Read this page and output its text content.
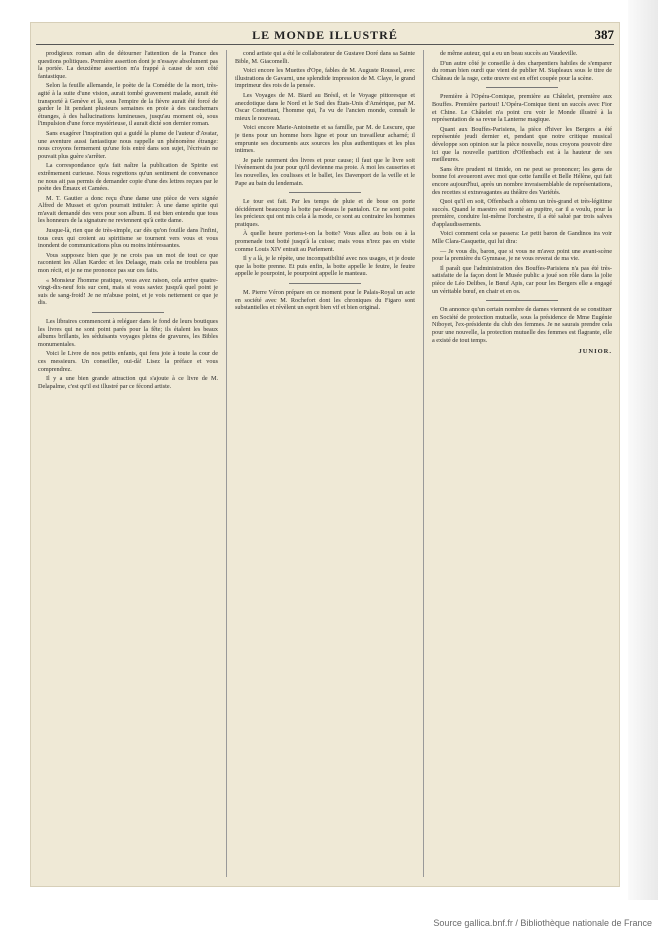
LE MONDE ILLUSTRÉ	387

prodigieux roman afin de détourner l'attention de la France des questions politiques. Première assertion dont je n'essaye absolument pas la portée. La deuxième assertion m'a frappé à cause de son côté fantastique.

Selon la feuille allemande, le poète de la Comédie de la mort, très-agité à la suite d'une vision, aurait tombé gravement malade, aurait été transporté à Genève et là, sous l'empire de la fièvre aurait été forcé de garder le lit pendant plusieurs semaines en proie à des cauchemars étranges, à des hallucinations lumineuses, jusqu'au moment où, sous l'impulsion d'une force mystérieuse, il aurait dicté son dernier roman.

Sans exagérer l'inspiration qui a guidé la plume de l'auteur d'Avatar, une aventure aussi fantastique nous rappelle un phénomène étrange: nous croyons fermement qu'une fois entré dans son sujet, l'écrivain ne pouvait plus guère s'arrêter.

La correspondance qu'a fait naître la publication de Spirite est extrêmement curieuse. Nous regrettons qu'un sentiment de convenance ne nous ait pas permis de demander copie d'une des lettres reçues par le poète des Émaux et Camées.

M. T. Gautier a donc reçu d'une dame une pièce de vers signée Alfred de Musset et qu'on pourrait intituler: À une dame spirite qui m'avait demandé des vers pour son album. Il est bien entendu que tous les honneurs de la signature ne reviennent qu'à cette dame.

Jusque-là, rien que de très-simple, car dès qu'on fouille dans l'infini, tous ceux qui croient au spiritisme se tournent vers vous et vous inondent de communications plus ou moins intéressantes.

Vous supposez bien que je ne crois pas un mot de tout ce que racontent les Allan Kardec et les Delaage, mais cela ne troublera pas mon récit, et je ne me prononce pas sur ces faits.

« Monsieur l'homme pratique, vous avez raison, cela arrive quatre-vingt-dix-neuf fois sur cent, mais si vous saviez jusqu'à quel point je suis de sang-froid! Je ne m'abuse point, et je vois nettement ce que je dis.

Les libraires commencent à reléguer dans le fond de leurs boutiques les livres qui ne sont point parés pour la fête; ils étalent les beaux albums brillants, les séduisants voyages pleins de gravures, les Bibles monumentales.

Voici le Livre de nos petits enfants, qui fera joie à toute la cour de ces messieurs. Un conseiller, oui-dà! Lisez la préface et vous comprendrez.

Il y a une bien grande attraction qui s'ajoute à ce livre de M. Delapalme, c'est qu'il est illustré par ce fécond artiste.

cond artiste qui a été le collaborateur de Gustave Doré dans sa Sainte Bible, M. Giacomelli.

Voici encore les Muettes d'Ope, fables de M. Auguste Roussel, avec illustrations de Gavarni, une splendide impression de M. Claye, le grand imprimeur des rois de la pensée.

Les Voyages de M. Biard au Brésil, et le Voyage pittoresque et anecdotique dans le Nord et le Sud des États-Unis d'Amérique, par M. Oscar Comettant, l'homme qui, l'a vu de l'ancien monde, connaît le mieux le nouveau.

Voici encore Marie-Antoinette et sa famille, par M. de Lescure, que je tiens pour un homme hors ligne et pour un travailleur acharné; il emprunte ses documents aux sources les plus authentiques et les plus intimes.

Je parle rarement des livres et pour cause; il faut que le livre soit l'événement du jour pour qu'il devienne ma proie. À moi les causeries et les nouvelles, les coulisses et le ballet, les Davenport de la veille et le Pape au bain du lendemain.

Le tour est fait. Par les temps de pluie et de boue on porte décidément beaucoup la botte par-dessus le pantalon. Ce ne sont point les précieux qui ont mis cela à la mode, ce sont au contraire les hommes pratiques.

À quelle heure portera-t-on la botte? Vous allez au bois ou à la promenade tout botté jusqu'à la cuisse; mais vous n'irez pas en visite comme Louis XIV entrait au Parlement.

Il y a là, je le répète, une incompatibilité avec nos usages, et je doute que la botte prenne. Et puis enfin, la botte appelle le feutre, le feutre appelle le pourpoint, le pourpoint appelle le manteau.

M. Pierre Véron prépare en ce moment pour le Palais-Royal un acte en société avec M. Rochefort dont les chroniques du Figaro sont substantielles et révèlent un esprit bien vif et bien original.

de même auteur, qui a eu un beau succès au Vaudeville.

D'un autre côté je conseille à des charpentiers habiles de s'emparer du roman bien ourdi que vient de publier M. Stapleaux sous le titre de Château de la rage, cette œuvre est en effet coupée pour la scène.

Première à l'Opéra-Comique, première au Châtelet, première aux Bouffes. Première partout! L'Opéra-Comique tient un succès avec Fior et Chine. Le Châtelet n'a point cru voir le Monde illustré à la représentation de sa revue la Lanterne magique.

Quant aux Bouffes-Parisiens, la pièce d'hiver les Bergers a été représentée jeudi dernier et, pendant que notre critique musical développe son opinion sur la pièce nouvelle, nous croyons pouvoir dire ici que la nouvelle partition d'Offenbach est à la hauteur de ses meilleures.

Sans être prudent ni timide, on ne peut se prononcer; les gens de bonne foi avoueront avec moi que cette famille et Belle Hélène, qui fait encore aujourd'hui, après un nombre invraisemblable de représentations, des recettes si extravagantes au théâtre des Variétés.

Quoi qu'il en soit, Offenbach a obtenu un très-grand et très-légitime succès. Quand le maestro est monté au pupitre, car il a voulu, pour la première, conduire lui-même l'orchestre, il a été salué par trois salves d'applaudissements.

Voici comment cela se passera: Le petit baron de Gandinos ira voir Mlle Clara-Casquette, qui lui dira:

— Je vous dis, baron, que si vous ne m'avez point une avant-scène pour la première du Gymnase, je ne vous reverai de ma vie.

Il paraît que l'administration des Bouffes-Parisiens n'a pas été très-satisfaite de la façon dont le Musée public a joué son rôle dans la jolie pièce de Léo Delibes, le Bœuf Apis, car pour les Bergers elle a engagé un véritable bœuf, en chair et en os.

On annonce qu'un certain nombre de dames viennent de se constituer en Société de protection mutuelle, sous la présidence de Mme Eugénie Niboyet, l'ex-présidente du club des femmes. Je ne saurais prendre cela pour une nouvelle, la protection mutuelle des femmes est flagrante, elle a existé de tout temps.

JUNIOR.
Source gallica.bnf.fr / Bibliothèque nationale de France
